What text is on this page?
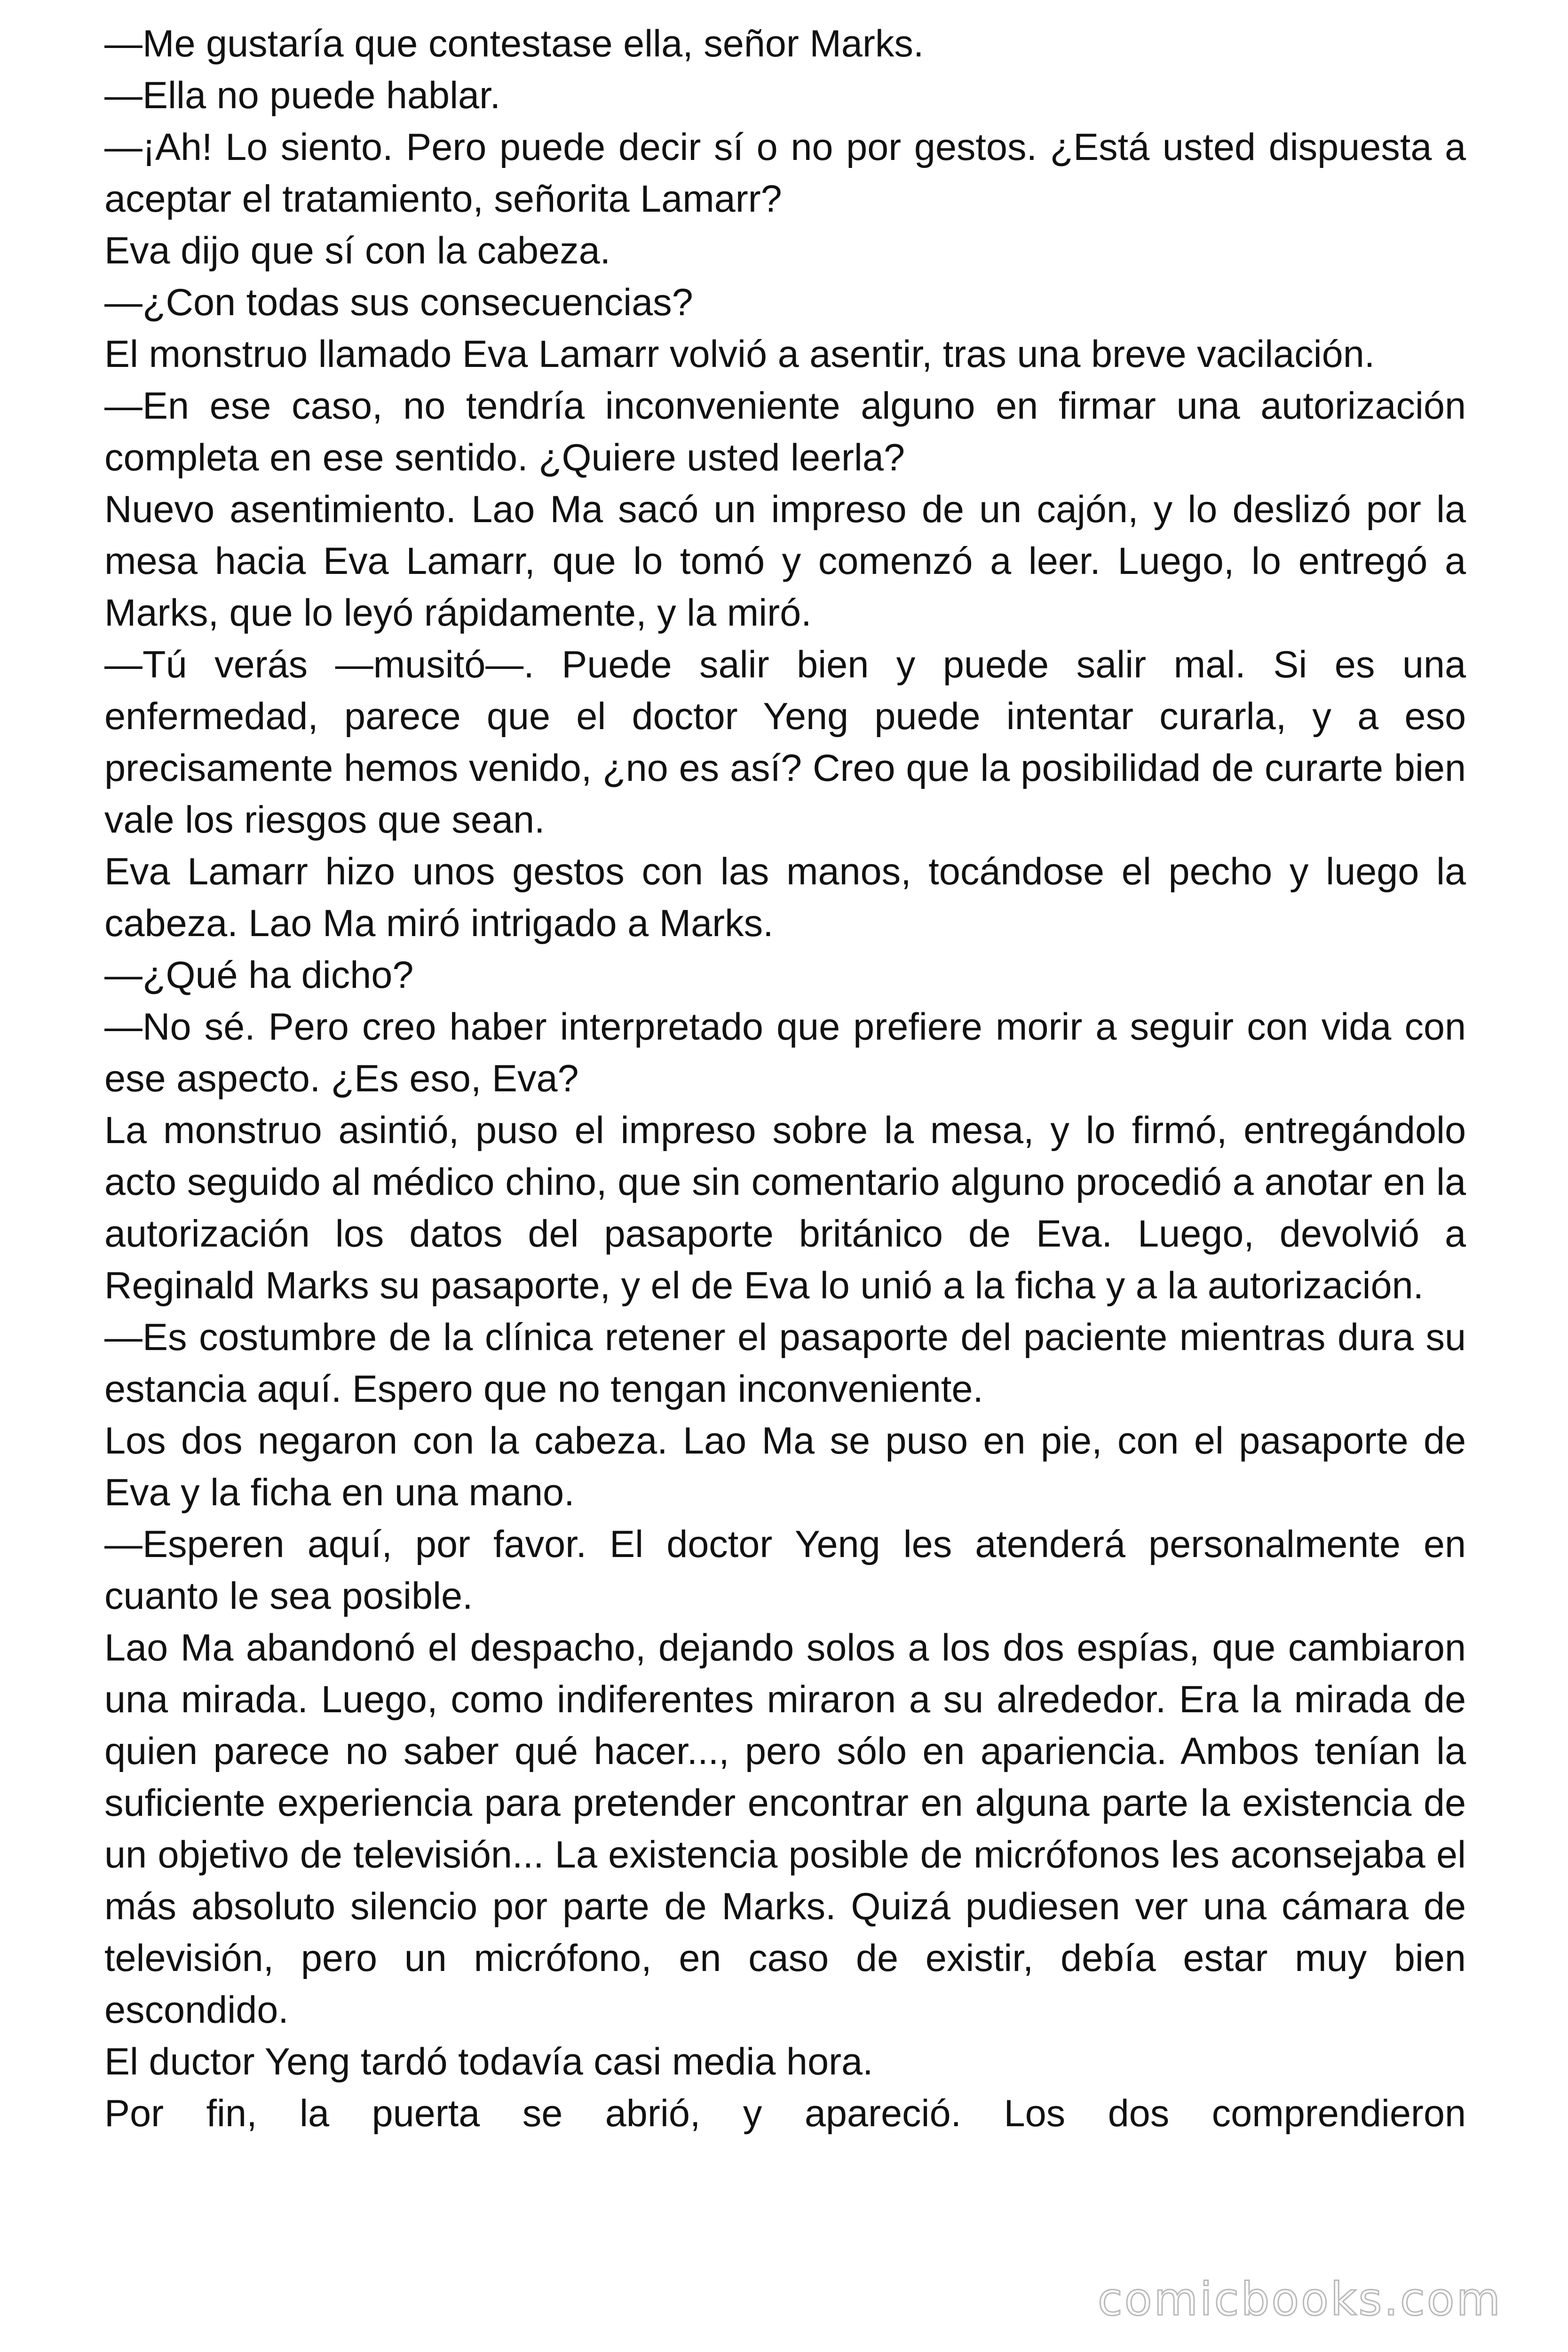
—Me gustaría que contestase ella, señor Marks.

—Ella no puede hablar.

—¡Ah! Lo siento. Pero puede decir sí o no por gestos. ¿Está usted dispuesta a aceptar el tratamiento, señorita Lamarr?

Eva dijo que sí con la cabeza.

—¿Con todas sus consecuencias?

El monstruo llamado Eva Lamarr volvió a asentir, tras una breve vacilación.

—En ese caso, no tendría inconveniente alguno en firmar una autorización completa en ese sentido. ¿Quiere usted leerla?

Nuevo asentimiento. Lao Ma sacó un impreso de un cajón, y lo deslizó por la mesa hacia Eva Lamarr, que lo tomó y comenzó a leer. Luego, lo entregó a Marks, que lo leyó rápidamente, y la miró.

—Tú verás —musitó—. Puede salir bien y puede salir mal. Si es una enfermedad, parece que el doctor Yeng puede intentar curarla, y a eso precisamente hemos venido, ¿no es así? Creo que la posibilidad de curarte bien vale los riesgos que sean.

Eva Lamarr hizo unos gestos con las manos, tocándose el pecho y luego la cabeza. Lao Ma miró intrigado a Marks.

—¿Qué ha dicho?

—No sé. Pero creo haber interpretado que prefiere morir a seguir con vida con ese aspecto. ¿Es eso, Eva?

La monstruo asintió, puso el impreso sobre la mesa, y lo firmó, entregándolo acto seguido al médico chino, que sin comentario alguno procedió a anotar en la autorización los datos del pasaporte británico de Eva. Luego, devolvió a Reginald Marks su pasaporte, y el de Eva lo unió a la ficha y a la autorización.

—Es costumbre de la clínica retener el pasaporte del paciente mientras dura su estancia aquí. Espero que no tengan inconveniente.

Los dos negaron con la cabeza. Lao Ma se puso en pie, con el pasaporte de Eva y la ficha en una mano.

—Esperen aquí, por favor. El doctor Yeng les atenderá personalmente en cuanto le sea posible.

Lao Ma abandonó el despacho, dejando solos a los dos espías, que cambiaron una mirada. Luego, como indiferentes miraron a su alrededor. Era la mirada de quien parece no saber qué hacer..., pero sólo en apariencia. Ambos tenían la suficiente experiencia para pretender encontrar en alguna parte la existencia de un objetivo de televisión... La existencia posible de micrófonos les aconsejaba el más absoluto silencio por parte de Marks. Quizá pudiesen ver una cámara de televisión, pero un micrófono, en caso de existir, debía estar muy bien escondido.

El ductor Yeng tardó todavía casi media hora.

Por fin, la puerta se abrió, y apareció. Los dos comprendieron

comicbooks.com
